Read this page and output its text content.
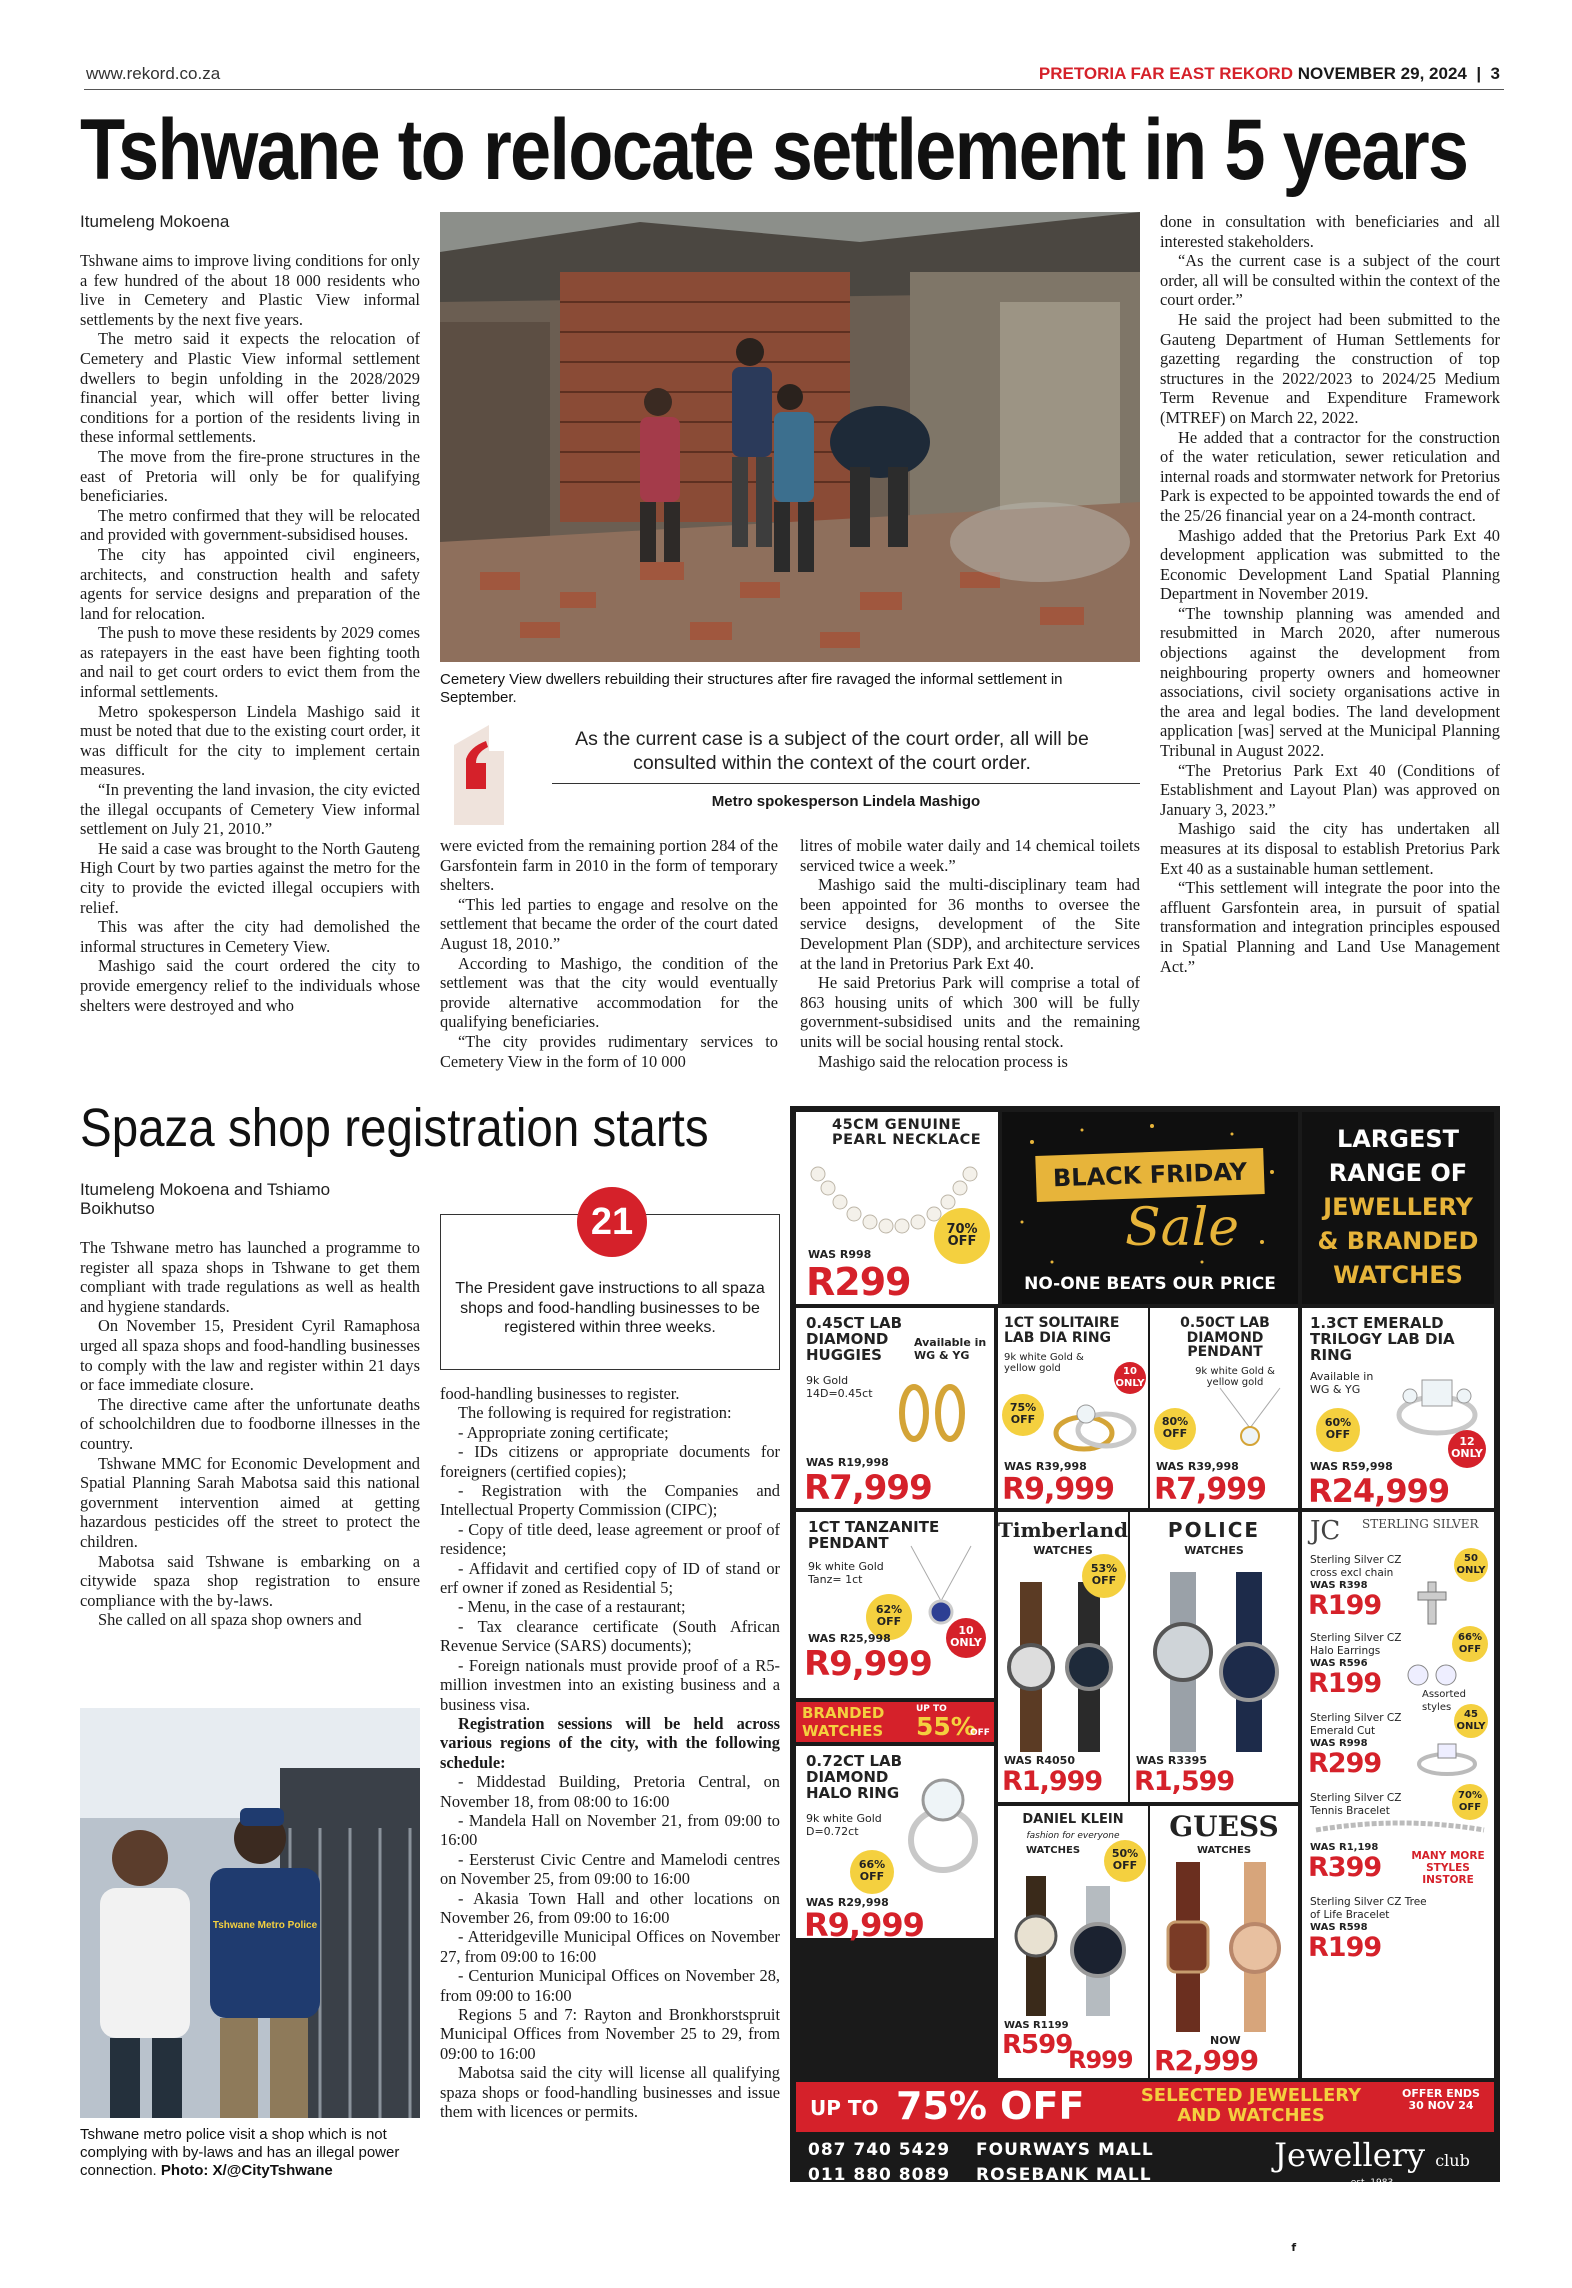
www.rekord.co.za	PRETORIA FAR EAST REKORD NOVEMBER 29, 2024 | 3
Tshwane to relocate settlement in 5 years
Itumeleng Mokoena

Tshwane aims to improve living conditions for only a few hundred of the about 18 000 residents who live in Cemetery and Plastic View informal settlements by the next five years.

The metro said it expects the relocation of Cemetery and Plastic View informal settlement dwellers to begin unfolding in the 2028/2029 financial year, which will offer better living conditions for a portion of the residents living in these informal settlements.

The move from the fire-prone structures in the east of Pretoria will only be for qualifying beneficiaries.

The metro confirmed that they will be relocated and provided with government-subsidised houses.

The city has appointed civil engineers, architects, and construction health and safety agents for service designs and preparation of the land for relocation.

The push to move these residents by 2029 comes as ratepayers in the east have been fighting tooth and nail to get court orders to evict them from the informal settlements.

Metro spokesperson Lindela Mashigo said it must be noted that due to the existing court order, it was difficult for the city to implement certain measures.

“In preventing the land invasion, the city evicted the illegal occupants of Cemetery View informal settlement on July 21, 2010.”

He said a case was brought to the North Gauteng High Court by two parties against the metro for the city to provide the evicted illegal occupiers with relief.

This was after the city had demolished the informal structures in Cemetery View.

Mashigo said the court ordered the city to provide emergency relief to the individuals whose shelters were destroyed and who

Cemetery View dwellers rebuilding their structures after fire ravaged the informal settlement in September.
As the current case is a subject of the court order, all will be consulted within the context of the court order.
Metro spokesperson Lindela Mashigo

were evicted from the remaining portion 284 of the Garsfontein farm in 2010 in the form of temporary shelters.

“This led parties to engage and resolve on the settlement that became the order of the court dated August 18, 2010.”

According to Mashigo, the condition of the settlement was that the city would eventually provide alternative accommodation for the qualifying beneficiaries.

“The city provides rudimentary services to Cemetery View in the form of 10 000

litres of mobile water daily and 14 chemical toilets serviced twice a week.”

Mashigo said the multi-disciplinary team had been appointed for 36 months to oversee the service designs, development of the Site Development Plan (SDP), and architecture services at the land in Pretorius Park Ext 40.

He said Pretorius Park will comprise a total of 863 housing units of which 300 will be fully government-subsidised units and the remaining units will be social housing rental stock.

Mashigo said the relocation process is

done in consultation with beneficiaries and all interested stakeholders.

“As the current case is a subject of the court order, all will be consulted within the context of the court order.”

He said the project had been submitted to the Gauteng Department of Human Settlements for gazetting regarding the construction of top structures in the 2022/2023 to 2024/25 Medium Term Revenue and Expenditure Framework (MTREF) on March 22, 2022.

He added that a contractor for the construction of the water reticulation, sewer reticulation and internal roads and stormwater network for Pretorius Park is expected to be appointed towards the end of the 25/26 financial year on a 24-month contract.

Mashigo added that the Pretorius Park Ext 40 development application was submitted to the Economic Development Land Spatial Planning Department in November 2019.

“The township planning was amended and resubmitted in March 2020, after numerous objections against the development from neighbouring property owners and homeowner associations, civil society organisations active in the area and legal bodies. The land development application [was] served at the Municipal Planning Tribunal in August 2022.

“The Pretorius Park Ext 40 (Conditions of Establishment and Layout Plan) was approved on January 3, 2023.”

Mashigo said the city has undertaken all measures at its disposal to establish Pretorius Park Ext 40 as a sustainable human settlement.

“This settlement will integrate the poor into the affluent Garsfontein area, in pursuit of spatial transformation and integration principles espoused in Spatial Planning and Land Use Management Act.”

Spaza shop registration starts
Itumeleng Mokoena and Tshiamo
Boikhutso

The Tshwane metro has launched a programme to register all spaza shops in Tshwane to get them compliant with trade regulations as well as health and hygiene standards.

On November 15, President Cyril Ramaphosa urged all spaza shops and food-handling businesses to comply with the law and register within 21 days or face immediate closure.

The directive came after the unfortunate deaths of schoolchildren due to foodborne illnesses in the country.

Tshwane MMC for Economic Development and Spatial Planning Sarah Mabotsa said this national government intervention aimed at getting hazardous pesticides off the street to protect the children.

Mabotsa said Tshwane is embarking on a citywide spaza shop registration to ensure compliance with the by-laws.

She called on all spaza shop owners and

Tshwane Metro Police
Tshwane metro police visit a shop which is not complying with by-laws and has an illegal power connection. Photo: X/@CityTshwane
21
The President gave instructions to all spaza shops and food-handling businesses to be registered within three weeks.

food-handling businesses to register.

The following is required for registration:

- Appropriate zoning certificate;

- IDs citizens or appropriate documents for foreigners (certified copies);

- Registration with the Companies and Intellectual Property Commission (CIPC);

- Copy of title deed, lease agreement or proof of residence;

- Affidavit and certified copy of ID of stand or erf owner if zoned as Residential 5;

- Menu, in the case of a restaurant;

- Tax clearance certificate (South African Revenue Service (SARS) documents);

- Foreign nationals must provide proof of a R5-million investmen into an existing business and a business visa.

Registration sessions will be held across various regions of the city, with the following schedule:

- Middestad Building, Pretoria Central, on November 18, from 08:00 to 16:00

- Mandela Hall on November 21, from 09:00 to 16:00

- Eersterust Civic Centre and Mamelodi centres on November 25, from 09:00 to 16:00

- Akasia Town Hall and other locations on November 26, from 09:00 to 16:00

- Atteridgeville Municipal Offices on November 27, from 09:00 to 16:00

- Centurion Municipal Offices on November 28, from 09:00 to 16:00

Regions 5 and 7: Rayton and Bronkhorstspruit Municipal Offices from November 25 to 29, from 09:00 to 16:00

Mabotsa said the city will license all qualifying spaza shops or food-handling businesses and issue them with licences or permits.

45CM GENUINE PEARL NECKLACE
70% OFF
WAS R998
R299
BLACK FRIDAY
Sale
NO-ONE BEATS OUR PRICE
LARGEST
RANGE OF
JEWELLERY
& BRANDED
WATCHES
0.45CT LAB DIAMOND HUGGIES
Available in WG & YG
9k Gold 14D=0.45ct
WAS R19,998
R7,999
1CT SOLITAIRE LAB DIA RING
9k white Gold & yellow gold	10 ONLY
75% OFF
WAS R39,998
R9,999
0.50CT LAB DIAMOND PENDANT
9k white Gold & yellow gold
80% OFF
WAS R39,998
R7,999
1.3CT EMERALD TRILOGY LAB DIA RING
Available in WG & YG
60% OFF
12 ONLY
WAS R59,998
R24,999
1CT TANZANITE PENDANT
9k white Gold Tanz= 1ct
62% OFF
10 ONLY
WAS R25,998
R9,999
Timberland
WATCHES
53% OFF
WAS R4050
R1,999
POLICE
WATCHES
WAS R3395
R1,599
JC STERLING SILVER
Sterling Silver CZ cross excl chain
WAS R398
R199
50 ONLY
Sterling Silver CZ Halo Earrings
WAS R596
R199
66% OFF
Assorted styles
Sterling Silver CZ Emerald Cut
WAS R998
R299
45 ONLY
Sterling Silver CZ Tennis Bracelet
70% OFF
WAS R1,198
R399	MANY MORE STYLES INSTORE
Sterling Silver CZ Tree of Life Bracelet
WAS R598
R199
BRANDED WATCHES
UP TO
55%
OFF
0.72CT LAB DIAMOND HALO RING
9k white Gold D=0.72ct
66% OFF
WAS R29,998
R9,999
DANIEL KLEIN
fashion for everyone
WATCHES	50% OFF
WAS R1199
R599
R999
GUESS
WATCHES
NOW
R2,999
UP TO 75% OFF	SELECTED JEWELLERY AND WATCHES
OFFER ENDS 30 NOV 24
087 740 5429 FOURWAYS MALL
011 880 8089 ROSEBANK MALL
011 435 1390 GREENSTONE
011 783 5666 SANDTON CITY
012 663 2477 CENTURION MALL
011 826 2610 EAST RAND MALL
Jewellery club
est. 1983
www.jewelleryclub.co.za
◎ 067 217 6594
f Jewelleryclub_southafrica
T&C APPLY E&OE ITEM IMAGES MAY VARY SLIGHTLY TO ACTUAL ITEM
